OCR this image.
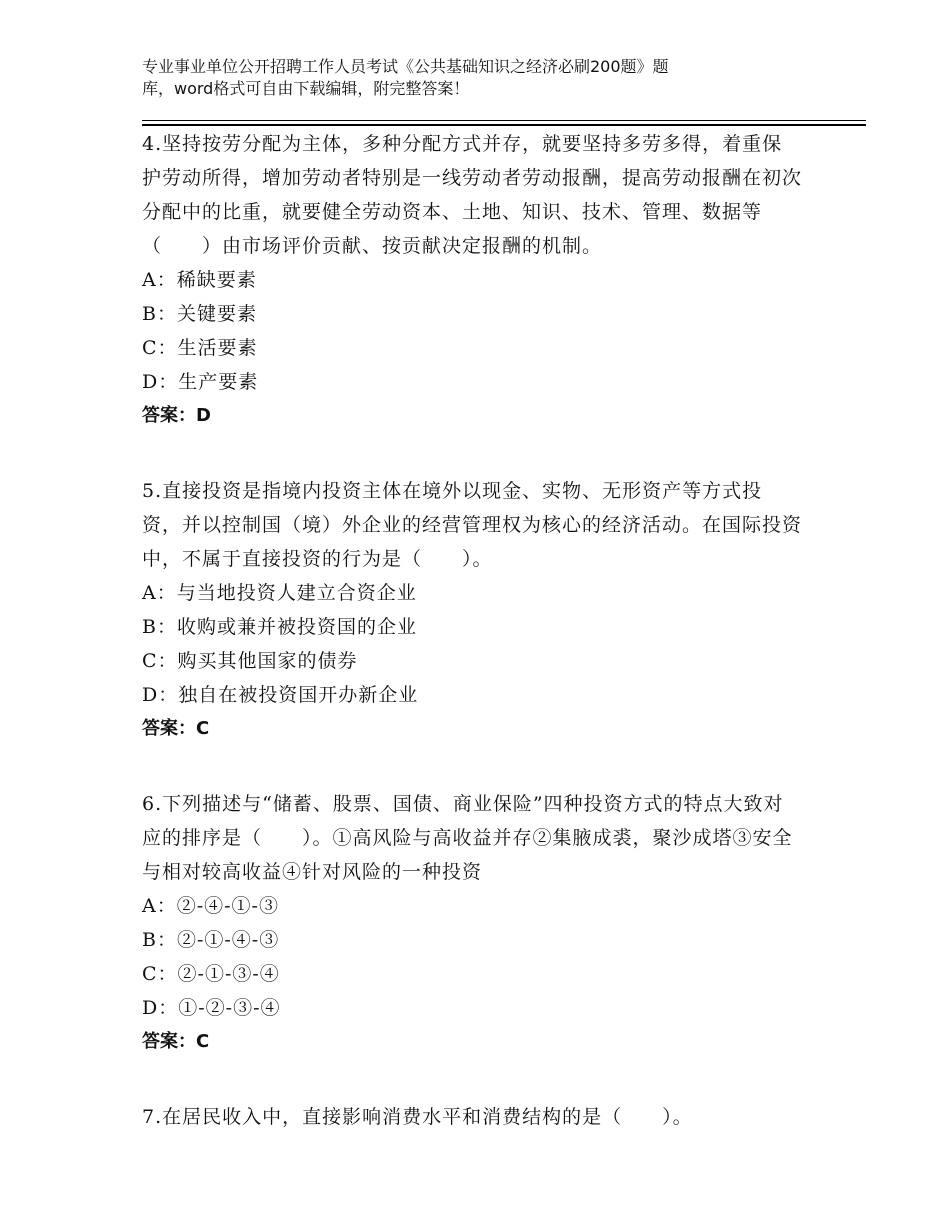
专业事业单位公开招聘工作人员考试《公共基础知识之经济必刷200题》题
库，word格式可自由下载编辑，附完整答案！

4.坚持按劳分配为主体，多种分配方式并存，就要坚持多劳多得，着重保护劳动所得，增加劳动者特别是一线劳动者劳动报酬，提高劳动报酬在初次分配中的比重，就要健全劳动资本、土地、知识、技术、管理、数据等（　　）由市场评价贡献、按贡献决定报酬的机制。

A：稀缺要素

B：关键要素

C：生活要素

D：生产要素

答案：D

5.直接投资是指境内投资主体在境外以现金、实物、无形资产等方式投资，并以控制国（境）外企业的经营管理权为核心的经济活动。在国际投资中，不属于直接投资的行为是（　　）。

A：与当地投资人建立合资企业

B：收购或兼并被投资国的企业

C：购买其他国家的债券

D：独自在被投资国开办新企业

答案：C

6.下列描述与“储蓄、股票、国债、商业保险”四种投资方式的特点大致对应的排序是（　　）。①高风险与高收益并存②集腋成裘，聚沙成塔③安全与相对较高收益④针对风险的一种投资

A：②-④-①-③

B：②-①-④-③

C：②-①-③-④

D：①-②-③-④

答案：C

7.在居民收入中，直接影响消费水平和消费结构的是（　　）。
